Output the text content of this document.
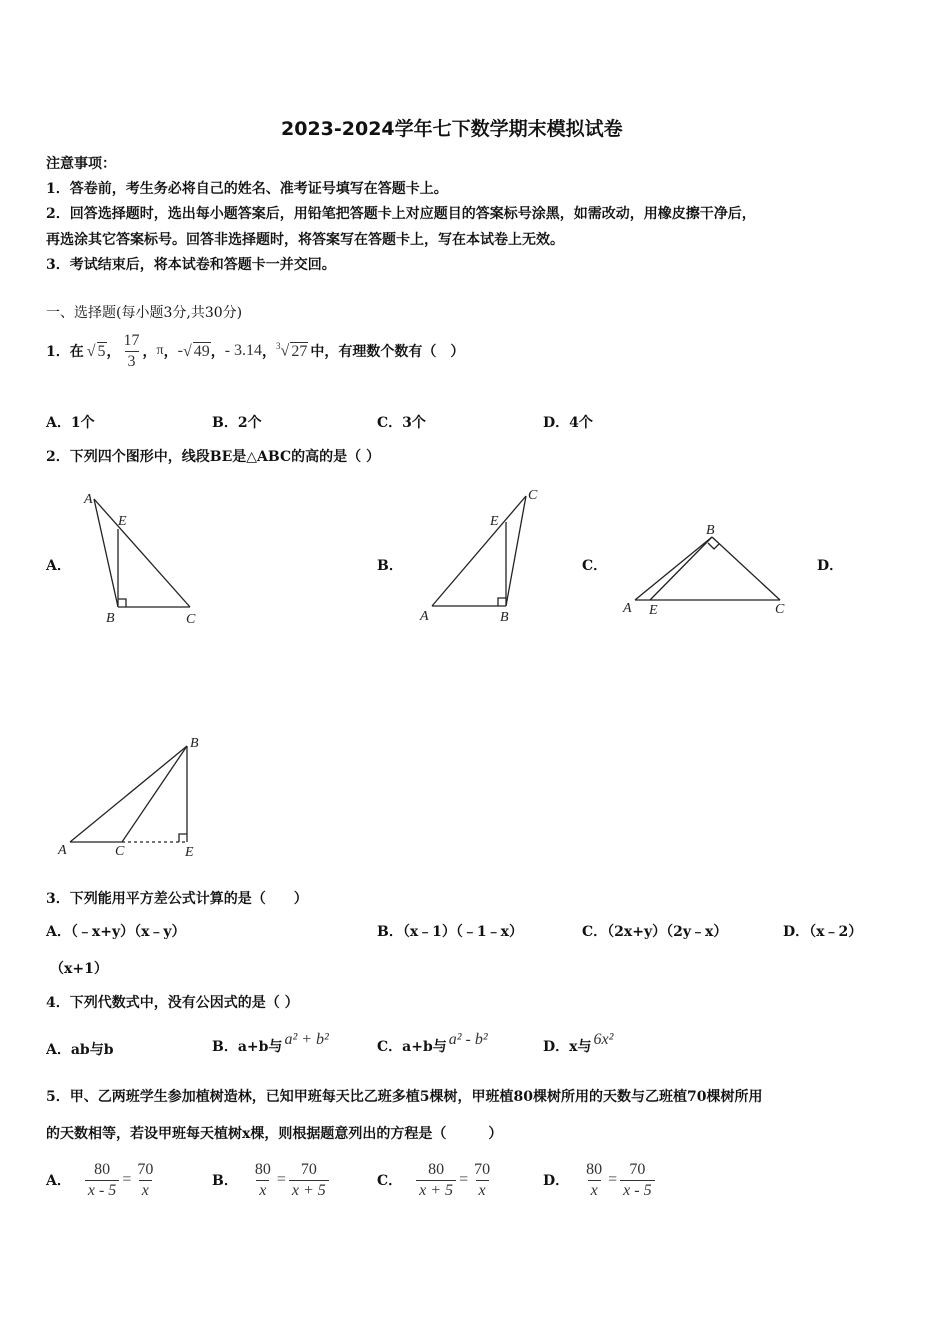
2023-2024学年七下数学期末模拟试卷
注意事项：
1．答卷前，考生务必将自己的姓名、准考证号填写在答题卡上。
2．回答选择题时，选出每小题答案后，用铅笔把答题卡上对应题目的答案标号涂黑，如需改动，用橡皮擦干净后，
再选涂其它答案标号。回答非选择题时，将答案写在答题卡上，写在本试卷上无效。
3．考试结束后，将本试卷和答题卡一并交回。
一、选择题(每小题3分,共30分)
1．在 √ 5 ， $\frac{17}{3}$ ， π ， - √ 49 ， - 3.14 ， $^3$√ 27 中，有理数个数有（　）
A．1个	B．2个	C．3个	D．4个
2．下列四个图形中，线段BE是△ABC的高的是（ ）
A．	B．	C．	D．
A
E
B	C
C
E
A	B
B
A E	C
B
A	C	E
3．下列能用平方差公式计算的是（　　）
A．（﹣x+y）（x﹣y）	B．（x﹣1）（﹣1﹣x）	C．（2x+y）（2y﹣x）	D．（x﹣2）
（x+1）
4．下列代数式中，没有公因式的是（ ）
A．ab与b	B．a+b与 a² + b²	C．a+b与 a² - b²	D．x与 6x²
5．甲、乙两班学生参加植树造林，已知甲班每天比乙班多植5棵树，甲班植80棵树所用的天数与乙班植70棵树所用
的天数相等，若设甲班每天植树x棵，则根据题意列出的方程是（　　　）
A． $\frac{80}{x - 5} = \frac{70}{x}$	B． $\frac{80}{x} = \frac{70}{x + 5}$	C． $\frac{80}{x + 5} = \frac{70}{x}$	D． $\frac{80}{x} = \frac{70}{x - 5}$
